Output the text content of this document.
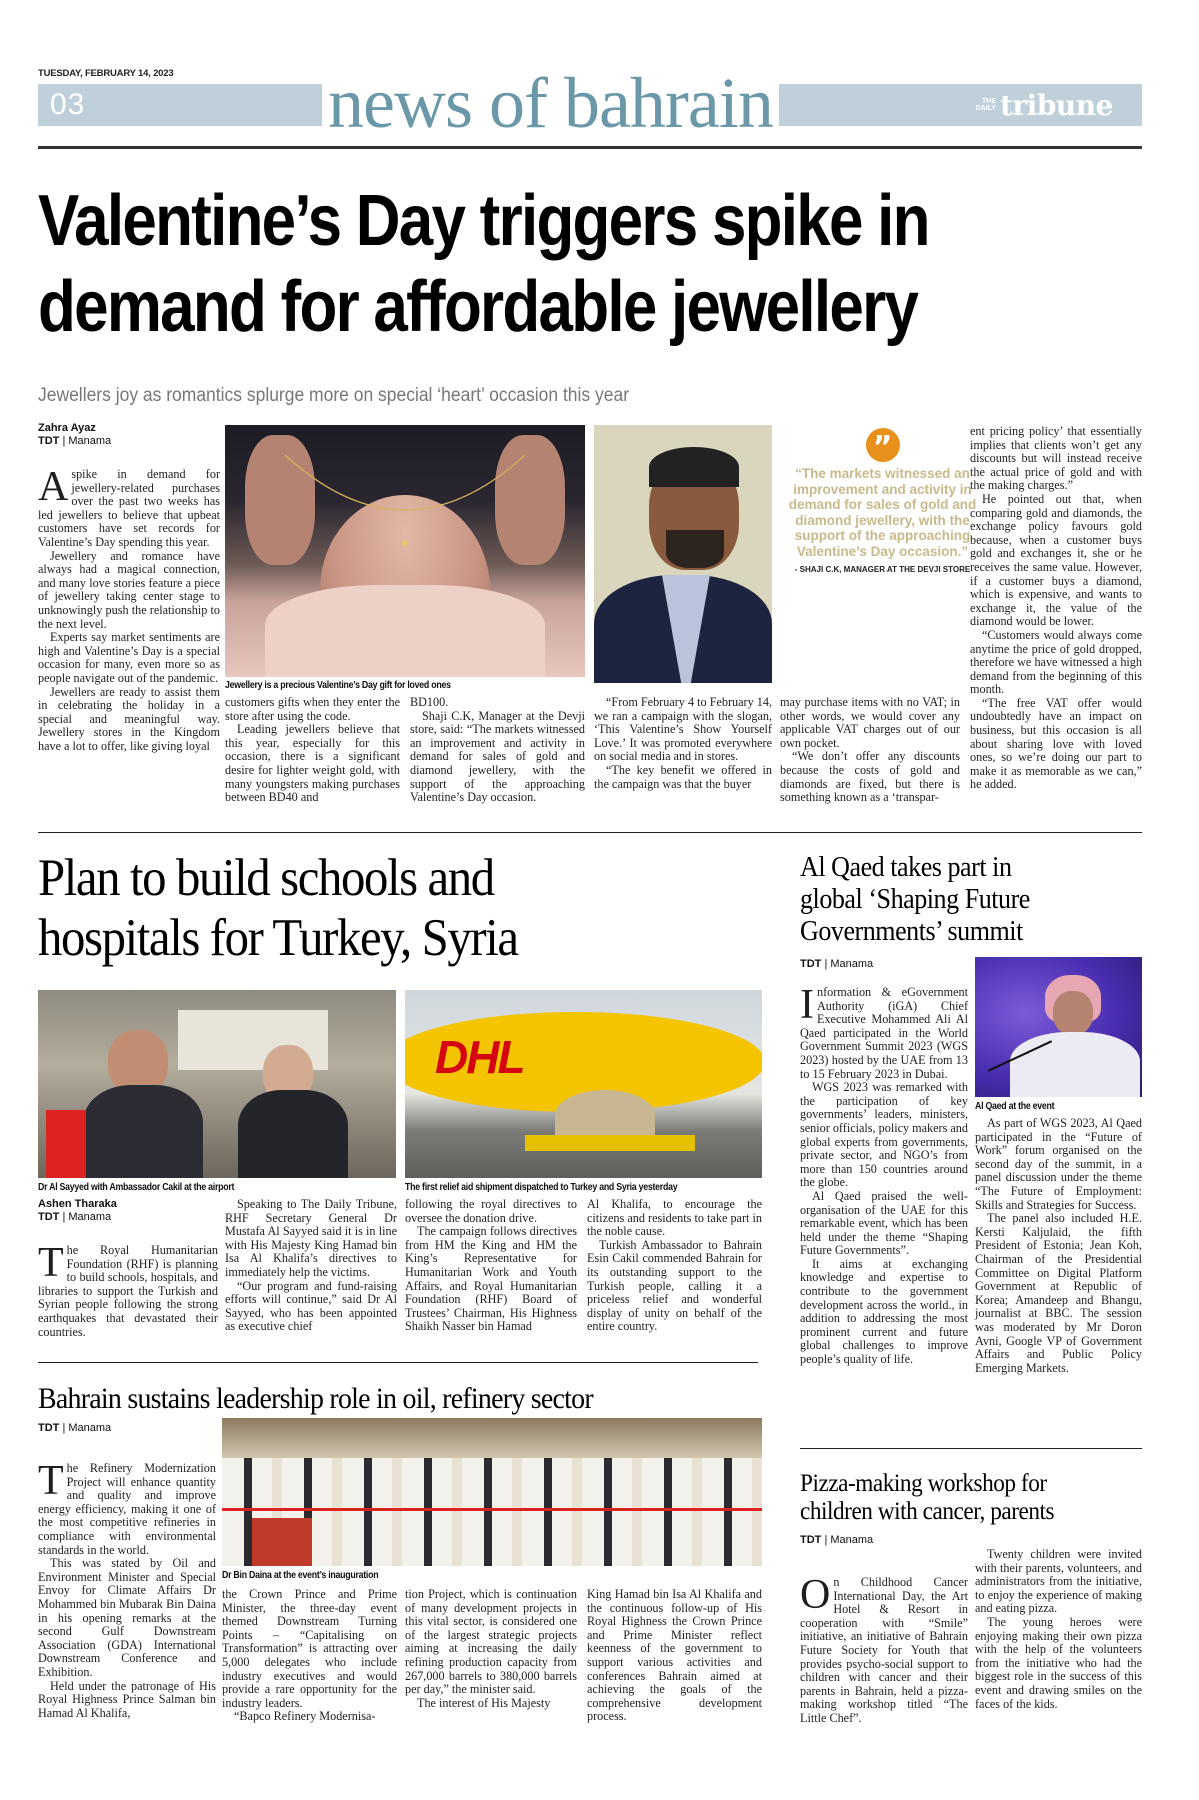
TUESDAY, FEBRUARY 14, 2023
03	news of bahrain	THE DAILY tribune
Valentine’s Day triggers spike in
demand for affordable jewellery
Jewellers joy as romantics splurge more on special ‘heart’ occasion this year
Zahra Ayaz
TDT | Manama

Aspike in demand for jewellery-related purchases over the past two weeks has led jewellers to believe that upbeat customers have set records for Valentine’s Day spending this year.

Jewellery and romance have always had a magical connection, and many love stories feature a piece of jewellery taking center stage to unknowingly push the relationship to the next level.

Experts say market sentiments are high and Valentine’s Day is a special occasion for many, even more so as people navigate out of the pandemic.

Jewellers are ready to assist them in celebrating the holiday in a special and meaningful way. Jewellery stores in the Kingdom have a lot to offer, like giving loyal

Jewellery is a precious Valentine’s Day gift for loved ones

customers gifts when they enter the store after using the code.

Leading jewellers believe that this year, especially for this occasion, there is a significant desire for lighter weight gold, with many youngsters making purchases between BD40 and

BD100.

Shaji C.K, Manager at the Devji store, said: “The markets witnessed an improvement and activity in demand for sales of gold and diamond jewellery, with the support of the approaching Valentine’s Day occasion.

”
“The markets witnessed an improvement and activity in demand for sales of gold and diamond jewellery, with the support of the approaching Valentine’s Day occasion.”
- SHAJI C.K, MANAGER AT THE DEVJI STORE

“From February 4 to February 14, we ran a campaign with the slogan, ‘This Valentine’s Show Yourself Love.’ It was promoted everywhere on social media and in stores.

“The key benefit we offered in the campaign was that the buyer

may purchase items with no VAT; in other words, we would cover any applicable VAT charges out of our own pocket.

“We don’t offer any discounts because the costs of gold and diamonds are fixed, but there is something known as a ‘transpar-

ent pricing policy’ that essentially implies that clients won’t get any discounts but will instead receive the actual price of gold and with the making charges.”

He pointed out that, when comparing gold and diamonds, the exchange policy favours gold because, when a customer buys gold and exchanges it, she or he receives the same value. However, if a customer buys a diamond, which is expensive, and wants to exchange it, the value of the diamond would be lower.

“Customers would always come anytime the price of gold dropped, therefore we have witnessed a high demand from the beginning of this month.

“The free VAT offer would undoubtedly have an impact on business, but this occasion is all about sharing love with loved ones, so we’re doing our part to make it as memorable as we can,” he added.

Plan to build schools and
hospitals for Turkey, Syria
Dr Al Sayyed with Ambassador Cakil at the airport
DHL
The first relief aid shipment dispatched to Turkey and Syria yesterday
Ashen Tharaka
TDT | Manama

The Royal Humanitarian Foundation (RHF) is planning to build schools, hospitals, and libraries to support the Turkish and Syrian people following the strong earthquakes that devastated their countries.

Speaking to The Daily Tribune, RHF Secretary General Dr Mustafa Al Sayyed said it is in line with His Majesty King Hamad bin Isa Al Khalifa’s directives to immediately help the victims.

“Our program and fund-raising efforts will continue,” said Dr Al Sayyed, who has been appointed as executive chief

following the royal directives to oversee the donation drive.

The campaign follows directives from HM the King and HM the King’s Representative for Humanitarian Work and Youth Affairs, and Royal Humanitarian Foundation (RHF) Board of Trustees’ Chairman, His Highness Shaikh Nasser bin Hamad

Al Khalifa, to encourage the citizens and residents to take part in the noble cause.

Turkish Ambassador to Bahrain Esin Cakil commended Bahrain for its outstanding support to the Turkish people, calling it a priceless relief and wonderful display of unity on behalf of the entire country.

Al Qaed takes part in
global ‘Shaping Future
Governments’ summit
TDT | Manama
Al Qaed at the event

Information & eGovernment Authority (iGA) Chief Executive Mohammed Ali Al Qaed participated in the World Government Summit 2023 (WGS 2023) hosted by the UAE from 13 to 15 February 2023 in Dubai.

WGS 2023 was remarked with the participation of key governments’ leaders, ministers, senior officials, policy makers and global experts from governments, private sector, and NGO’s from more than 150 countries around the globe.

Al Qaed praised the well-organisation of the UAE for this remarkable event, which has been held under the theme “Shaping Future Governments”.

It aims at exchanging knowledge and expertise to contribute to the government development across the world., in addition to addressing the most prominent current and future global challenges to improve people’s quality of life.

As part of WGS 2023, Al Qaed participated in the “Future of Work” forum organised on the second day of the summit, in a panel discussion under the theme “The Future of Employment: Skills and Strategies for Success.

The panel also included H.E. Kersti Kaljulaid, the fifth President of Estonia; Jean Koh, Chairman of the Presidential Committee on Digital Platform Government at Republic of Korea; Amandeep and Bhangu, journalist at BBC. The session was moderated by Mr Doron Avni, Google VP of Government Affairs and Public Policy Emerging Markets.

Bahrain sustains leadership role in oil, refinery sector
TDT | Manama
Dr Bin Daina at the event’s inauguration

The Refinery Modernization Project will enhance quantity and quality and improve energy efficiency, making it one of the most competitive refineries in compliance with environmental standards in the world.

This was stated by Oil and Environment Minister and Special Envoy for Climate Affairs Dr Mohammed bin Mubarak Bin Daina in his opening remarks at the second Gulf Downstream Association (GDA) International Downstream Conference and Exhibition.

Held under the patronage of His Royal Highness Prince Salman bin Hamad Al Khalifa,

the Crown Prince and Prime Minister, the three-day event themed Downstream Turning Points – “Capitalising on Transformation” is attracting over 5,000 delegates who include industry executives and would provide a rare opportunity for the industry leaders.

“Bapco Refinery Modernisa-

tion Project, which is continuation of many development projects in this vital sector, is considered one of the largest strategic projects aiming at increasing the daily refining production capacity from 267,000 barrels to 380,000 barrels per day,” the minister said.

The interest of His Majesty

King Hamad bin Isa Al Khalifa and the continuous follow-up of His Royal Highness the Crown Prince and Prime Minister reflect keenness of the government to support various activities and conferences Bahrain aimed at achieving the goals of the comprehensive development process.

Pizza-making workshop for
children with cancer, parents
TDT | Manama

On Childhood Cancer International Day, the Art Hotel & Resort in cooperation with “Smile” initiative, an initiative of Bahrain Future Society for Youth that provides psycho-social support to children with cancer and their parents in Bahrain, held a pizza-making workshop titled “The Little Chef”.

Twenty children were invited with their parents, volunteers, and administrators from the initiative, to enjoy the experience of making and eating pizza.

The young heroes were enjoying making their own pizza with the help of the volunteers from the initiative who had the biggest role in the success of this event and drawing smiles on the faces of the kids.
